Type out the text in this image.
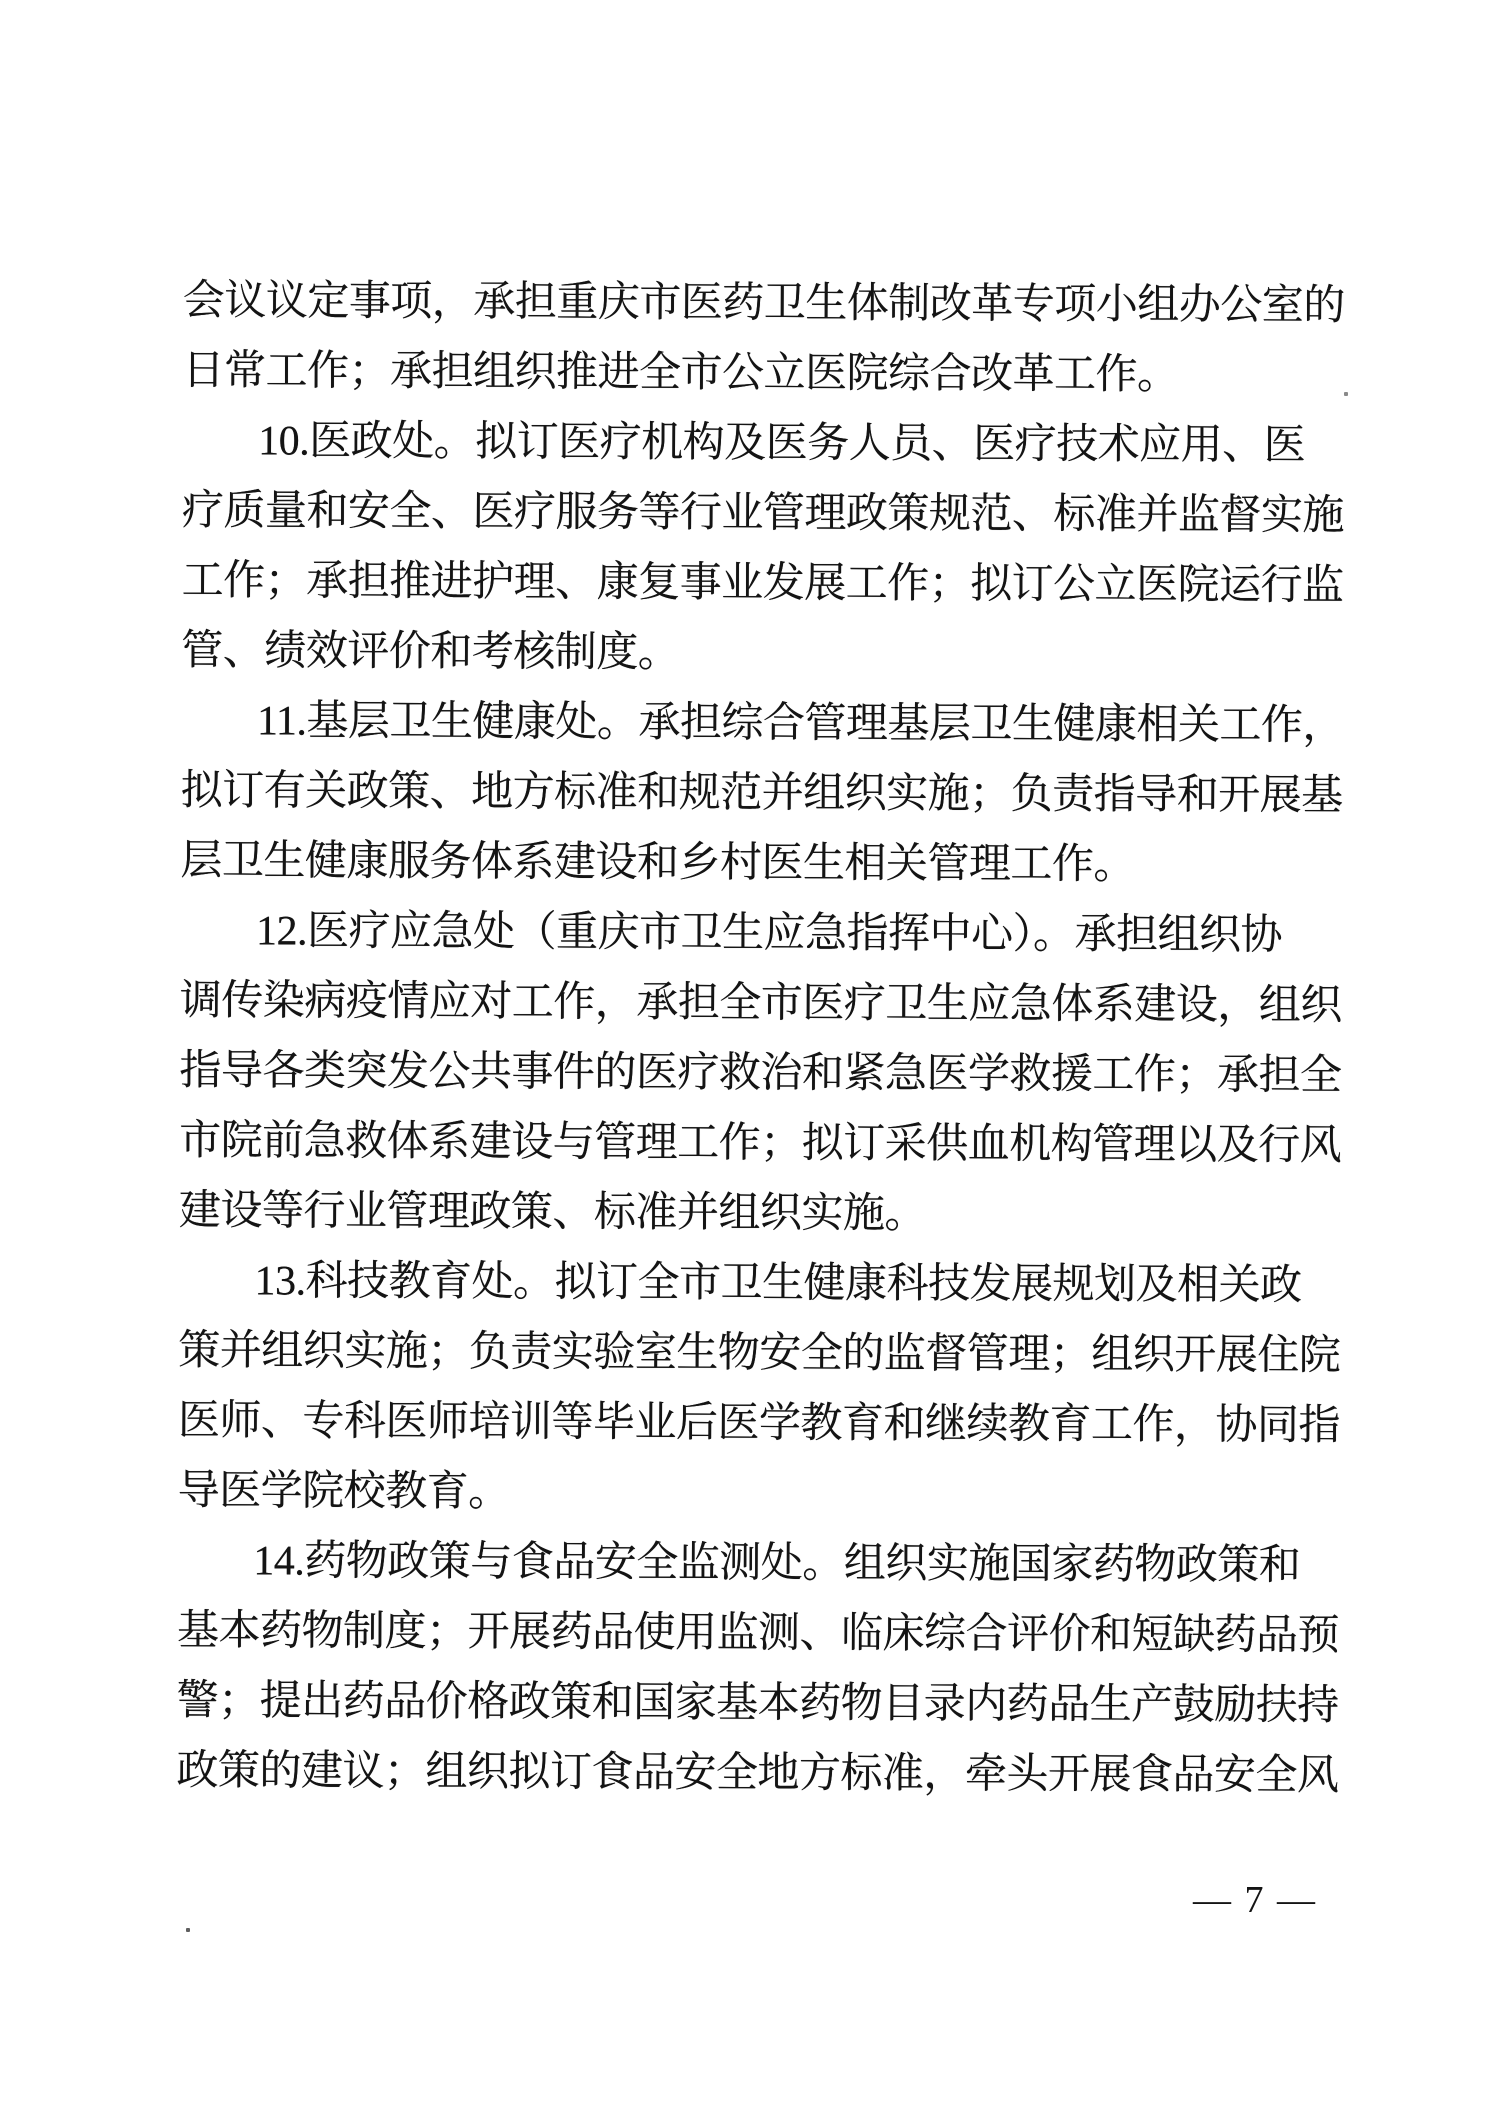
会议议定事项，承担重庆市医药卫生体制改革专项小组办公室的
日常工作；承担组织推进全市公立医院综合改革工作。
10.医政处。拟订医疗机构及医务人员、医疗技术应用、医
疗质量和安全、医疗服务等行业管理政策规范、标准并监督实施
工作；承担推进护理、康复事业发展工作；拟订公立医院运行监
管、绩效评价和考核制度。
11.基层卫生健康处。承担综合管理基层卫生健康相关工作，
拟订有关政策、地方标准和规范并组织实施；负责指导和开展基
层卫生健康服务体系建设和乡村医生相关管理工作。
12.医疗应急处（重庆市卫生应急指挥中心）。承担组织协
调传染病疫情应对工作，承担全市医疗卫生应急体系建设，组织
指导各类突发公共事件的医疗救治和紧急医学救援工作；承担全
市院前急救体系建设与管理工作；拟订采供血机构管理以及行风
建设等行业管理政策、标准并组织实施。
13.科技教育处。拟订全市卫生健康科技发展规划及相关政
策并组织实施；负责实验室生物安全的监督管理；组织开展住院
医师、专科医师培训等毕业后医学教育和继续教育工作，协同指
导医学院校教育。
14.药物政策与食品安全监测处。组织实施国家药物政策和
基本药物制度；开展药品使用监测、临床综合评价和短缺药品预
警；提出药品价格政策和国家基本药物目录内药品生产鼓励扶持
政策的建议；组织拟订食品安全地方标准，牵头开展食品安全风
— 7 —
